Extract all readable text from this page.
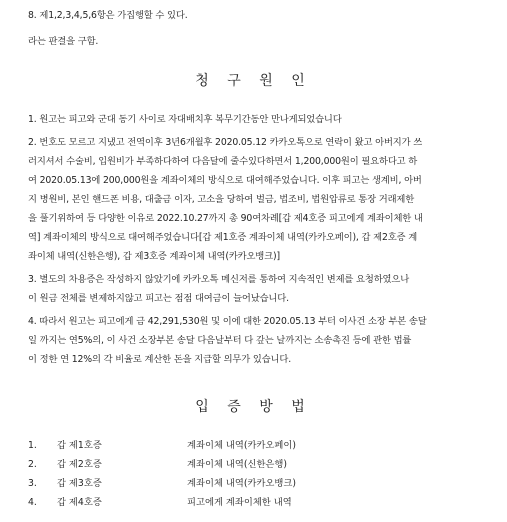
8. 제1,2,3,4,5,6항은 가집행할 수 있다.
라는 판결을 구함.
청 구 원 인
1. 원고는 피고와 군대 동기 사이로 자대배치후 복무기간동안 만나게되었습니다
2. 번호도 모르고 지냈고 전역이후 3년6개월후 2020.05.12 카카오톡으로 연락이 왔고 아버지가 쓰
러지셔서 수술비, 입원비가 부족하다하여 다음달에 줄수있다하면서 1,200,000원이 필요하다고 하
여 2020.05.13에 200,000원을 계좌이체의 방식으로 대여해주었습니다. 이후 피고는 생계비, 아버
지 병원비, 본인 핸드폰 비용, 대출금 이자, 고소을 당하여 벌금, 법조비, 법원압류로 통장 거래제한
을 풀기위하여 등 다양한 이유로 2022.10.27까지 총 90여차례[갑 제4호증 피고에게 계좌이체한 내
역] 계좌이체의 방식으로 대여해주었습니다[갑 제1호증 계좌이체 내역(카카오페이), 갑 제2호증 계
좌이체 내역(신한은행), 갑 제3호증 계좌이체 내역(카카오뱅크)]
3. 별도의 차용증은 작성하지 않았기에 카카오톡 메신저를 통하여 지속적인 변제를 요청하였으나
이 원금 전체를 변제하지않고 피고는 점점 대여금이 늘어났습니다.
4. 따라서 원고는 피고에게 금 42,291,530원 및 이에 대한 2020.05.13 부터 이사건 소장 부본 송달
일 까지는 연5%의, 이 사건 소장부본 송달 다음날부터 다 갚는 날까지는 소송촉진 등에 관한 법률
이 정한 연 12%의 각 비율로 계산한 돈을 지급할 의무가 있습니다.
입 증 방 법
1. 갑 제1호증	계좌이체 내역(카카오페이)
2. 갑 제2호증	계좌이체 내역(신한은행)
3. 갑 제3호증	계좌이체 내역(카카오뱅크)
4. 갑 제4호증	피고에게 계좌이체한 내역
